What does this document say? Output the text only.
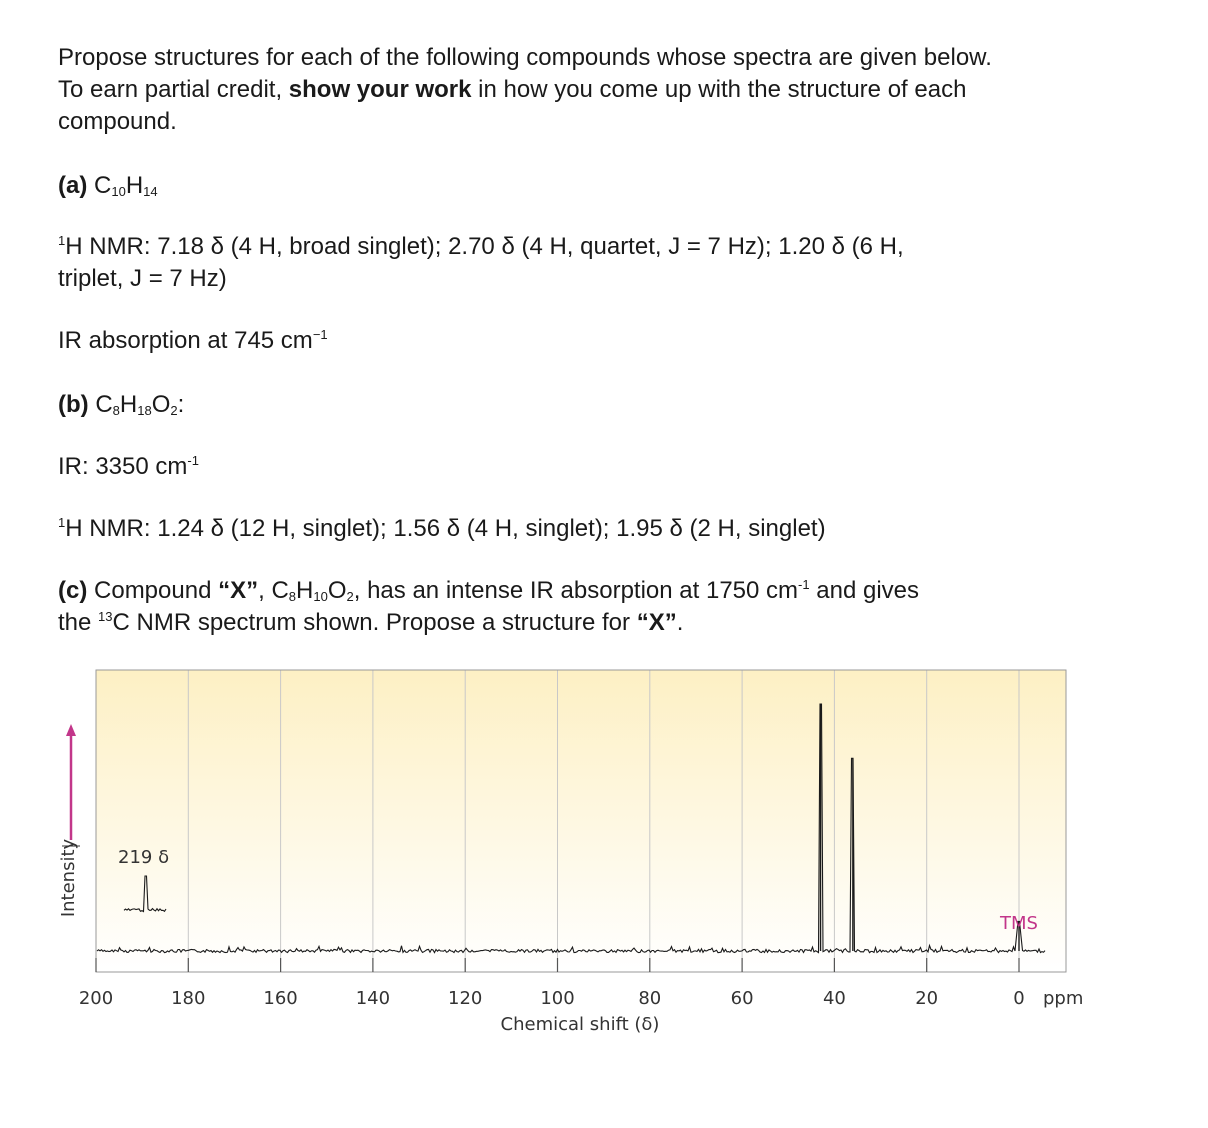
Propose structures for each of the following compounds whose spectra are given below.

To earn partial credit, show your work in how you come up with the structure of each

compound.

(a) $C_{10}H_{14}$

$^1$H NMR: 7.18 δ (4 H, broad singlet); 2.70 δ (4 H, quartet, J = 7 Hz); 1.20 δ (6 H,

triplet, J = 7 Hz)

IR absorption at 745 $cm^{-1}$

(b) $C_8H_{18}O_2$:

IR: 3350 $cm^{-1}$

$^1$H NMR: 1.24 δ (12 H, singlet); 1.56 δ (4 H, singlet); 1.95 δ (2 H, singlet)

(c) Compound “X”, $C_8H_{10}O_2$, has an intense IR absorption at 1750 $cm^{-1}$ and gives

the $^{13}$C NMR spectrum shown. Propose a structure for “X”.

200	180	160	140	120	100	80	60	40	20	0
219 δ
TMS
ppm
Chemical shift (δ)
Intensity
